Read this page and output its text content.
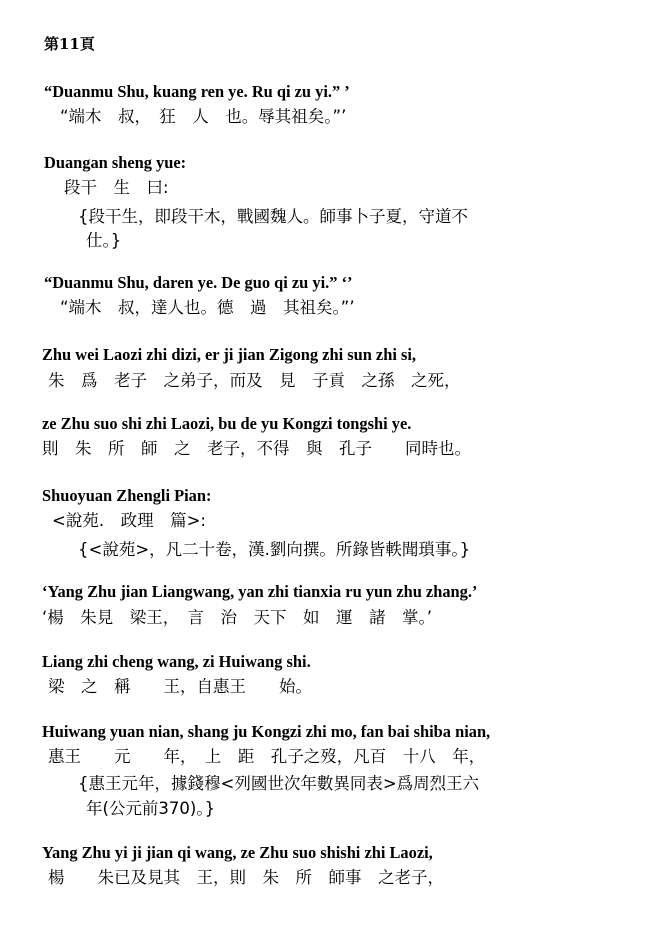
第11頁
“Duanmu Shu, kuang ren ye. Ru qi zu yi.” ’
“端木　叔，　狂　人　也。辱其祖矣。”’
Duangan sheng yue:
段干　生　曰:
{段干生，即段干木，戰國魏人。師事卜子夏，守道不
仕。}
“Duanmu Shu, daren ye. De guo qi zu yi.” ‘’
“端木　叔，達人也。德　過　其祖矣。”’
Zhu wei Laozi zhi dizi, er ji jian Zigong zhi sun zhi si,
朱　爲　老子　之弟子，而及　見　子貢　之孫　之死，
ze Zhu suo shi zhi Laozi, bu de yu Kongzi tongshi ye.
則　朱　所　師　之　老子，不得　與　孔子　　同時也。
Shuoyuan Zhengli Pian:
<說苑.　政理　篇>:
{<說苑>，凡二十卷，漢.劉向撰。所錄皆軼聞瑣事。}
‘Yang Zhu jian Liangwang, yan zhi tianxia ru yun zhu zhang.’
‘楊　朱見　梁王，　言　治　天下　如　運　諸　掌。’
Liang zhi cheng wang, zi Huiwang shi.
梁　之　稱　　王，自惠王　　始。
Huiwang yuan nian, shang ju Kongzi zhi mo, fan bai shiba nian,
惠王　　元　　年，　上　距　孔子之歿，凡百　十八　年，
{惠王元年，據錢穆<列國世次年數異同表>爲周烈王六
年(公元前370)。}
Yang Zhu yi ji jian qi wang, ze Zhu suo shishi zhi Laozi,
楊　　朱已及見其　王，則　朱　所　師事　之老子，
